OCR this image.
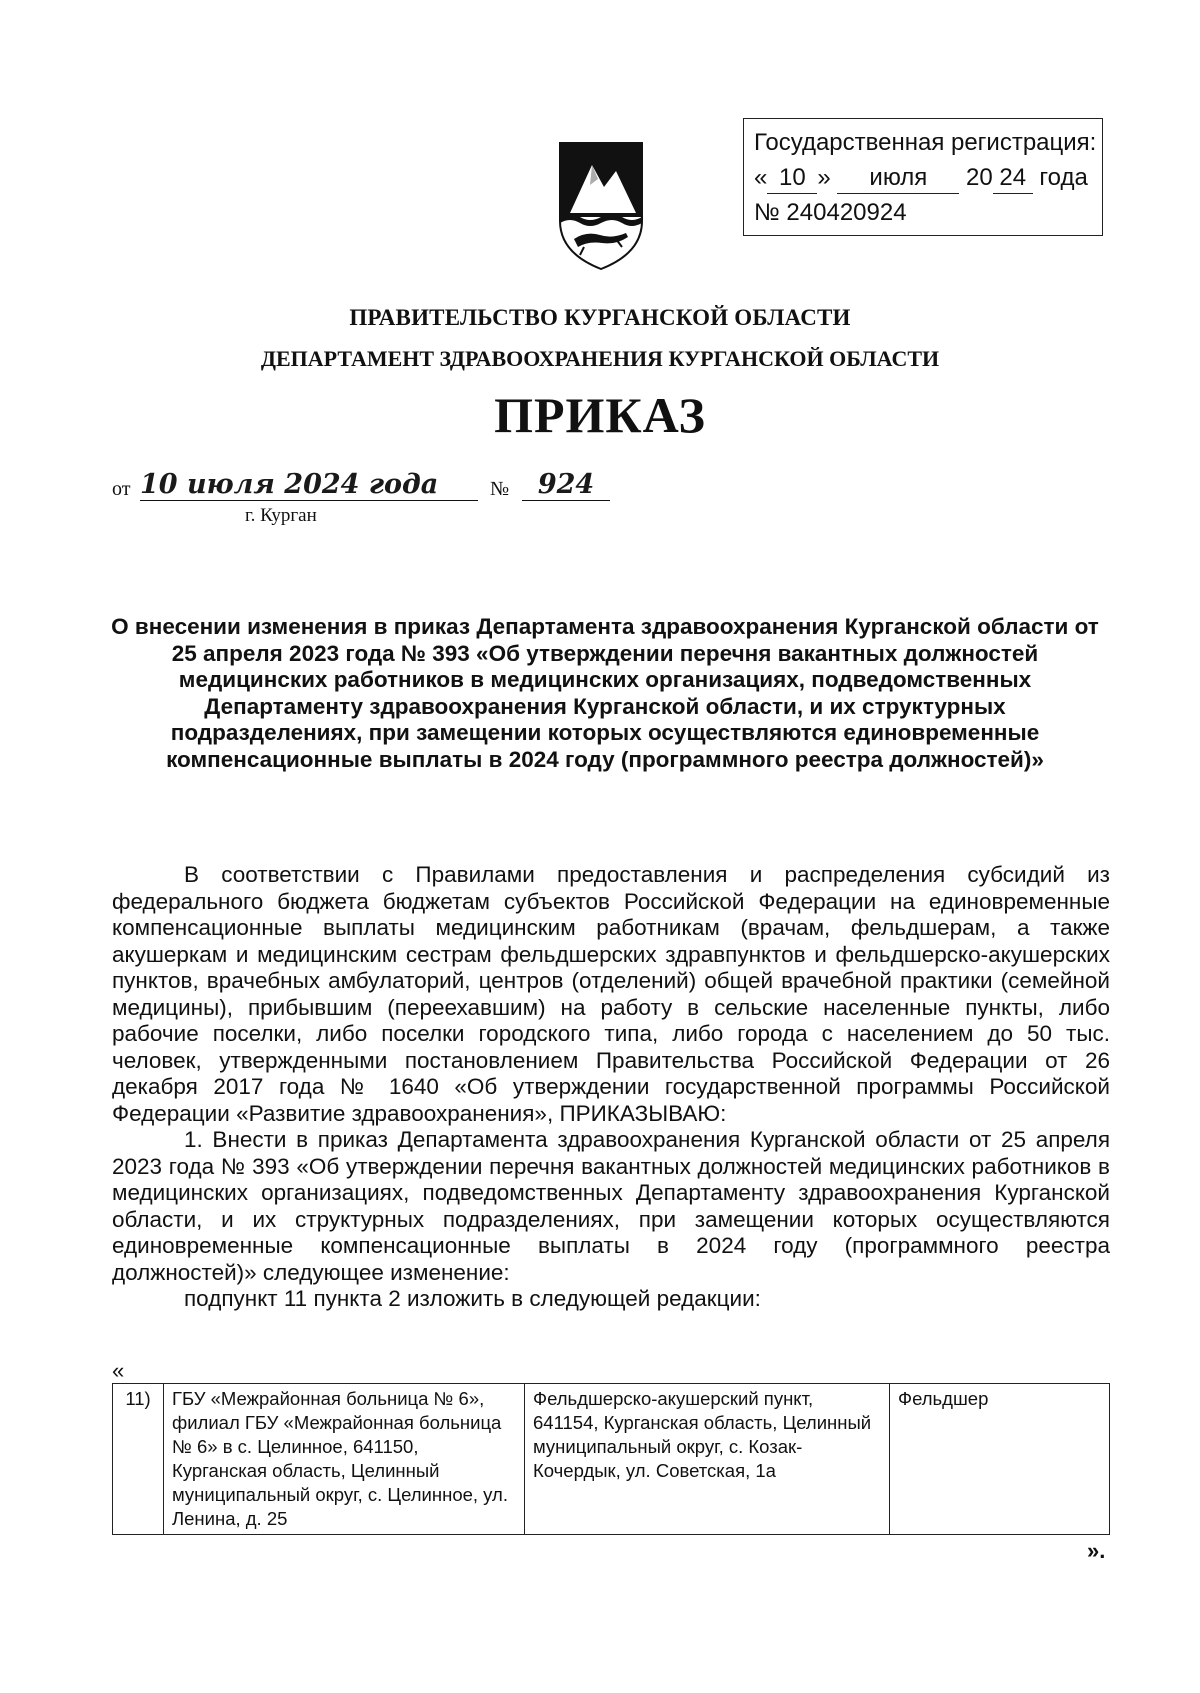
Государственная регистрация:
« 10 » июля 20 24 года
№ 240420924
ПРАВИТЕЛЬСТВО КУРГАНСКОЙ ОБЛАСТИ
ДЕПАРТАМЕНТ ЗДРАВООХРАНЕНИЯ КУРГАНСКОЙ ОБЛАСТИ
ПРИКАЗ
от 10 июля 2024 года	№	924
г. Курган
О внесении изменения в приказ Департамента здравоохранения Курганской области от 25 апреля 2023 года № 393 «Об утверждении перечня вакантных должностей медицинских работников в медицинских организациях, подведомственных Департаменту здравоохранения Курганской области, и их структурных подразделениях, при замещении которых осуществляются единовременные компенсационные выплаты в 2024 году (программного реестра должностей)»

В соответствии с Правилами предоставления и распределения субсидий из федерального бюджета бюджетам субъектов Российской Федерации на единовременные компенсационные выплаты медицинским работникам (врачам, фельдшерам, а также акушеркам и медицинским сестрам фельдшерских здравпунктов и фельдшерско-акушерских пунктов, врачебных амбулаторий, центров (отделений) общей врачебной практики (семейной медицины), прибывшим (переехавшим) на работу в сельские населенные пункты, либо рабочие поселки, либо поселки городского типа, либо города с населением до 50 тыс. человек, утвержденными постановлением Правительства Российской Федерации от 26 декабря 2017 года № 1640 «Об утверждении государственной программы Российской Федерации «Развитие здравоохранения», ПРИКАЗЫВАЮ:

1. Внести в приказ Департамента здравоохранения Курганской области от 25 апреля 2023 года № 393 «Об утверждении перечня вакантных должностей медицинских работников в медицинских организациях, подведомственных Департаменту здравоохранения Курганской области, и их структурных подразделениях, при замещении которых осуществляются единовременные компенсационные выплаты в 2024 году (программного реестра должностей)» следующее изменение:

подпункт 11 пункта 2 изложить в следующей редакции:

«
11)	ГБУ «Межрайонная больница № 6», филиал ГБУ «Межрайонная больница № 6» в с. Целинное, 641150, Курганская область, Целинный муниципальный округ, с. Целинное, ул. Ленина, д. 25	Фельдшерско-акушерский пункт, 641154, Курганская область, Целинный муниципальный округ, с. Козак-Кочердык, ул. Советская, 1а	Фельдшер
».
